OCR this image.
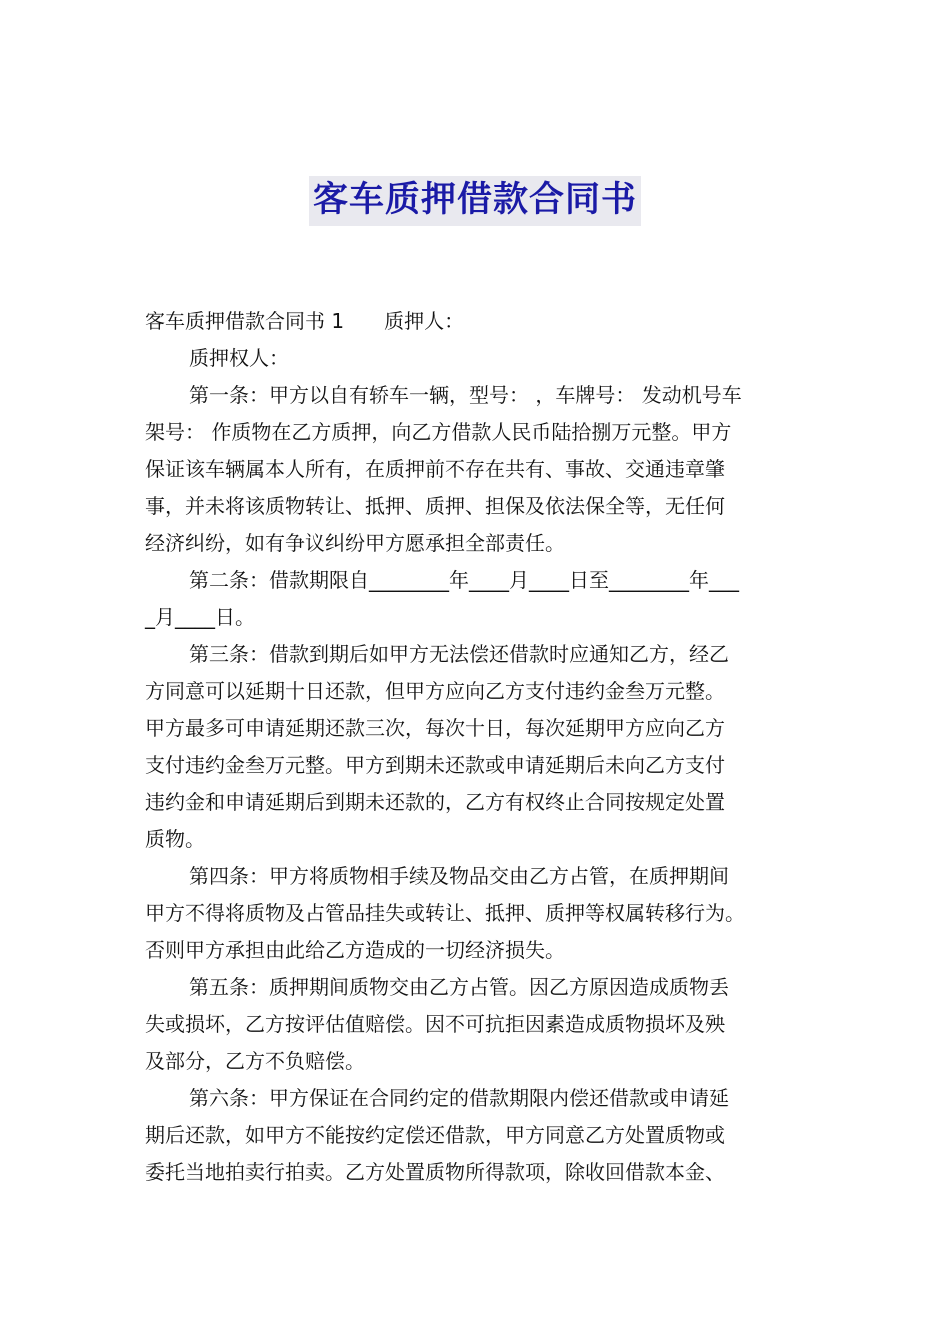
客车质押借款合同书
客车质押借款合同书 1 质押人：
质押权人：
第一条：甲方以自有轿车一辆，型号： ，车牌号： 发动机号车
架号： 作质物在乙方质押，向乙方借款人民币陆拾捌万元整。甲方
保证该车辆属本人所有，在质押前不存在共有、事故、交通违章肇
事，并未将该质物转让、抵押、质押、担保及依法保全等，无任何
经济纠纷，如有争议纠纷甲方愿承担全部责任。
第二条：借款期限自________年____月____日至________年___
_月____日。
第三条：借款到期后如甲方无法偿还借款时应通知乙方，经乙
方同意可以延期十日还款，但甲方应向乙方支付违约金叁万元整。
甲方最多可申请延期还款三次，每次十日，每次延期甲方应向乙方
支付违约金叁万元整。甲方到期未还款或申请延期后未向乙方支付
违约金和申请延期后到期未还款的，乙方有权终止合同按规定处置
质物。
第四条：甲方将质物相手续及物品交由乙方占管，在质押期间
甲方不得将质物及占管品挂失或转让、抵押、质押等权属转移行为。
否则甲方承担由此给乙方造成的一切经济损失。
第五条：质押期间质物交由乙方占管。因乙方原因造成质物丢
失或损坏，乙方按评估值赔偿。因不可抗拒因素造成质物损坏及殃
及部分，乙方不负赔偿。
第六条：甲方保证在合同约定的借款期限内偿还借款或申请延
期后还款，如甲方不能按约定偿还借款，甲方同意乙方处置质物或
委托当地拍卖行拍卖。乙方处置质物所得款项，除收回借款本金、
